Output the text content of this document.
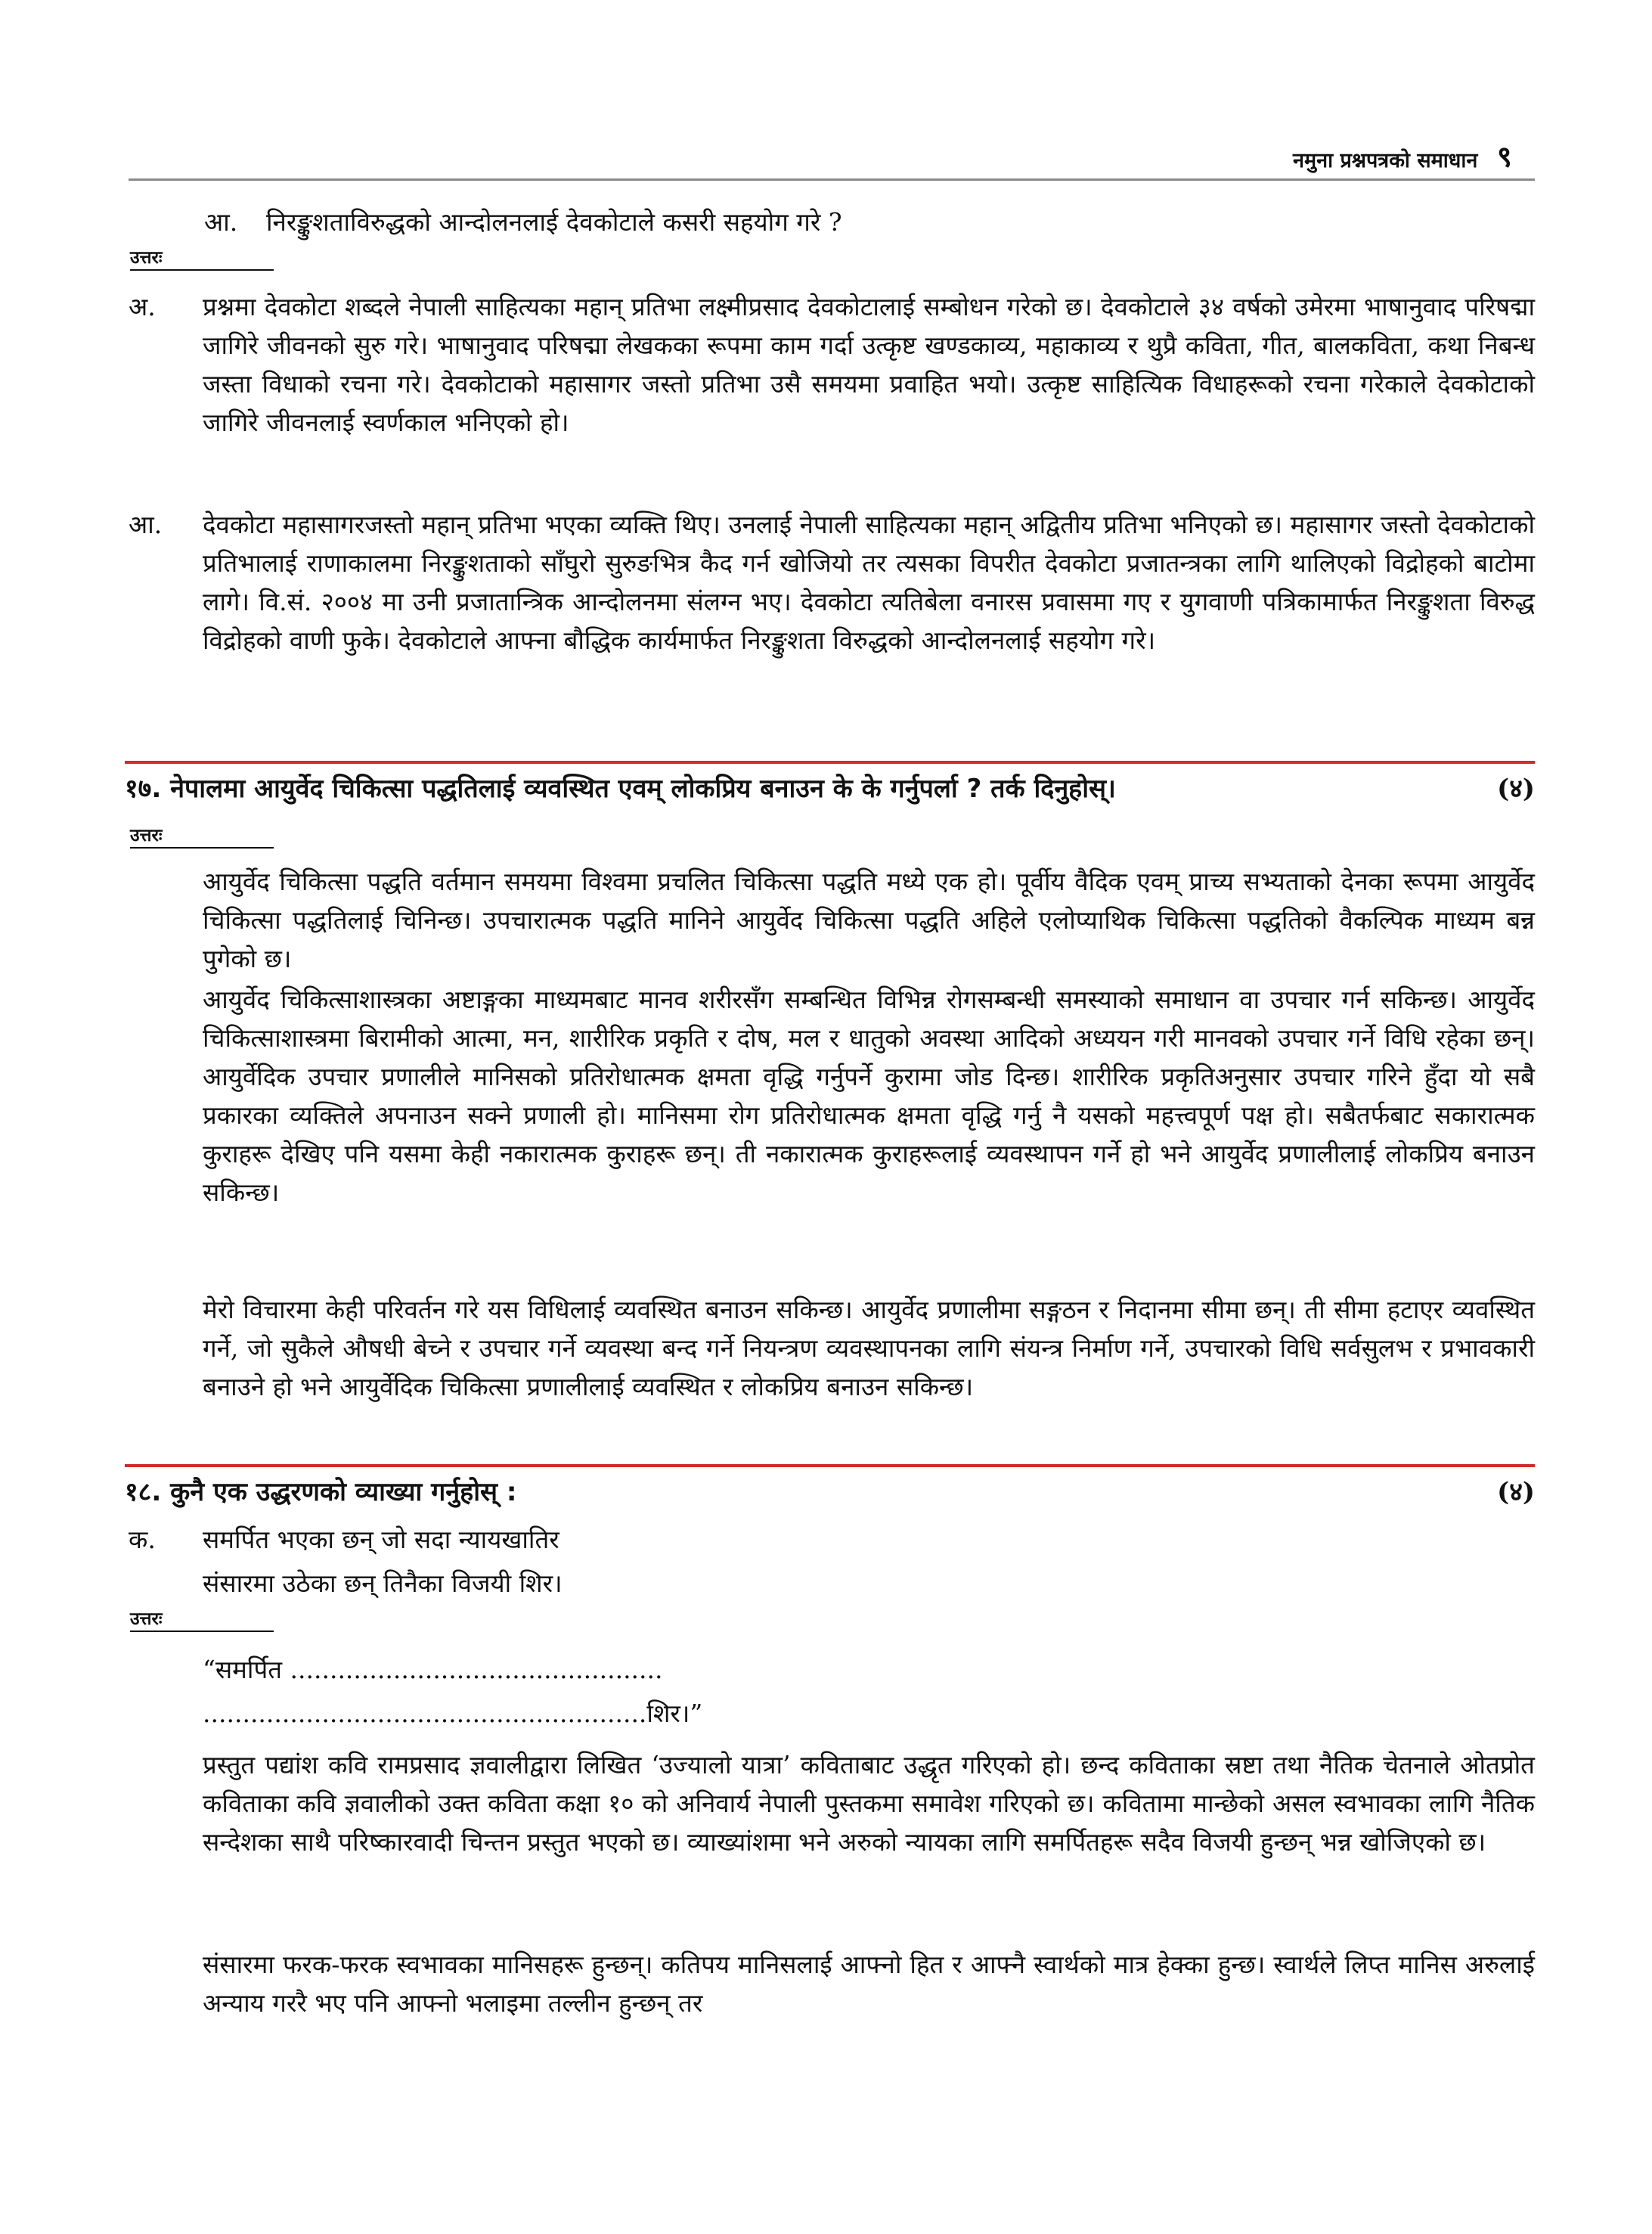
नमुना प्रश्नपत्रको समाधान ९
आ. निरङ्कुशताविरुद्धको आन्दोलनलाई देवकोटाले कसरी सहयोग गरे ?
उत्तरः
अ. प्रश्नमा देवकोटा शब्दले नेपाली साहित्यका महान् प्रतिभा लक्ष्मीप्रसाद देवकोटालाई सम्बोधन गरेको छ। देवकोटाले ३४ वर्षको उमेरमा भाषानुवाद परिषद्मा जागिरे जीवनको सुरु गरे। भाषानुवाद परिषद्मा लेखकका रूपमा काम गर्दा उत्कृष्ट खण्डकाव्य, महाकाव्य र थुप्रै कविता, गीत, बालकविता, कथा निबन्ध जस्ता विधाको रचना गरे। देवकोटाको महासागर जस्तो प्रतिभा उसै समयमा प्रवाहित भयो। उत्कृष्ट साहित्यिक विधाहरूको रचना गरेकाले देवकोटाको जागिरे जीवनलाई स्वर्णकाल भनिएको हो।
आ. देवकोटा महासागरजस्तो महान् प्रतिभा भएका व्यक्ति थिए। उनलाई नेपाली साहित्यका महान् अद्वितीय प्रतिभा भनिएको छ। महासागर जस्तो देवकोटाको प्रतिभालाई राणाकालमा निरङ्कुशताको साँघुरो सुरुङभित्र कैद गर्न खोजियो तर त्यसका विपरीत देवकोटा प्रजातन्त्रका लागि थालिएको विद्रोहको बाटोमा लागे। वि.सं. २००४ मा उनी प्रजातान्त्रिक आन्दोलनमा संलग्न भए। देवकोटा त्यतिबेला वनारस प्रवासमा गए र युगवाणी पत्रिकामार्फत निरङ्कुशता विरुद्ध विद्रोहको वाणी फुके। देवकोटाले आफ्ना बौद्धिक कार्यमार्फत निरङ्कुशता विरुद्धको आन्दोलनलाई सहयोग गरे।
१७. नेपालमा आयुर्वेद चिकित्सा पद्धतिलाई व्यवस्थित एवम् लोकप्रिय बनाउन के के गर्नुपर्ला ? तर्क दिनुहोस्।	(४)
उत्तरः
आयुर्वेद चिकित्सा पद्धति वर्तमान समयमा विश्वमा प्रचलित चिकित्सा पद्धति मध्ये एक हो। पूर्वीय वैदिक एवम् प्राच्य सभ्यताको देनका रूपमा आयुर्वेद चिकित्सा पद्धतिलाई चिनिन्छ। उपचारात्मक पद्धति मानिने आयुर्वेद चिकित्सा पद्धति अहिले एलोप्याथिक चिकित्सा पद्धतिको वैकल्पिक माध्यम बन्न पुगेको छ।
आयुर्वेद चिकित्साशास्त्रका अष्टाङ्गका माध्यमबाट मानव शरीरसँग सम्बन्धित विभिन्न रोगसम्बन्धी समस्याको समाधान वा उपचार गर्न सकिन्छ। आयुर्वेद चिकित्साशास्त्रमा बिरामीको आत्मा, मन, शारीरिक प्रकृति र दोष, मल र धातुको अवस्था आदिको अध्ययन गरी मानवको उपचार गर्ने विधि रहेका छन्। आयुर्वेदिक उपचार प्रणालीले मानिसको प्रतिरोधात्मक क्षमता वृद्धि गर्नुपर्ने कुरामा जोड दिन्छ। शारीरिक प्रकृतिअनुसार उपचार गरिने हुँदा यो सबै प्रकारका व्यक्तिले अपनाउन सक्ने प्रणाली हो। मानिसमा रोग प्रतिरोधात्मक क्षमता वृद्धि गर्नु नै यसको महत्त्वपूर्ण पक्ष हो। सबैतर्फबाट सकारात्मक कुराहरू देखिए पनि यसमा केही नकारात्मक कुराहरू छन्। ती नकारात्मक कुराहरूलाई व्यवस्थापन गर्ने हो भने आयुर्वेद प्रणालीलाई लोकप्रिय बनाउन सकिन्छ।
मेरो विचारमा केही परिवर्तन गरे यस विधिलाई व्यवस्थित बनाउन सकिन्छ। आयुर्वेद प्रणालीमा सङ्गठन र निदानमा सीमा छन्। ती सीमा हटाएर व्यवस्थित गर्ने, जो सुकैले औषधी बेच्ने र उपचार गर्ने व्यवस्था बन्द गर्ने नियन्त्रण व्यवस्थापनका लागि संयन्त्र निर्माण गर्ने, उपचारको विधि सर्वसुलभ र प्रभावकारी बनाउने हो भने आयुर्वेदिक चिकित्सा प्रणालीलाई व्यवस्थित र लोकप्रिय बनाउन सकिन्छ।
१८. कुनै एक उद्धरणको व्याख्या गर्नुहोस् :	(४)
क. समर्पित भएका छन् जो सदा न्यायखातिर
संसारमा उठेका छन् तिनैका विजयी शिर।
उत्तरः
“समर्पित ...............................................
........................................................शिर।”
प्रस्तुत पद्यांश कवि रामप्रसाद ज्ञवालीद्वारा लिखित ‘उज्यालो यात्रा’ कविताबाट उद्धृत गरिएको हो। छन्द कविताका स्रष्टा तथा नैतिक चेतनाले ओतप्रोत कविताका कवि ज्ञवालीको उक्त कविता कक्षा १० को अनिवार्य नेपाली पुस्तकमा समावेश गरिएको छ। कवितामा मान्छेको असल स्वभावका लागि नैतिक सन्देशका साथै परिष्कारवादी चिन्तन प्रस्तुत भएको छ। व्याख्यांशमा भने अरुको न्यायका लागि समर्पितहरू सदैव विजयी हुन्छन् भन्न खोजिएको छ।
संसारमा फरक-फरक स्वभावका मानिसहरू हुन्छन्। कतिपय मानिसलाई आफ्नो हित र आफ्नै स्वार्थको मात्र हेक्का हुन्छ। स्वार्थले लिप्त मानिस अरुलाई अन्याय गररै भए पनि आफ्नो भलाइमा तल्लीन हुन्छन् तर
